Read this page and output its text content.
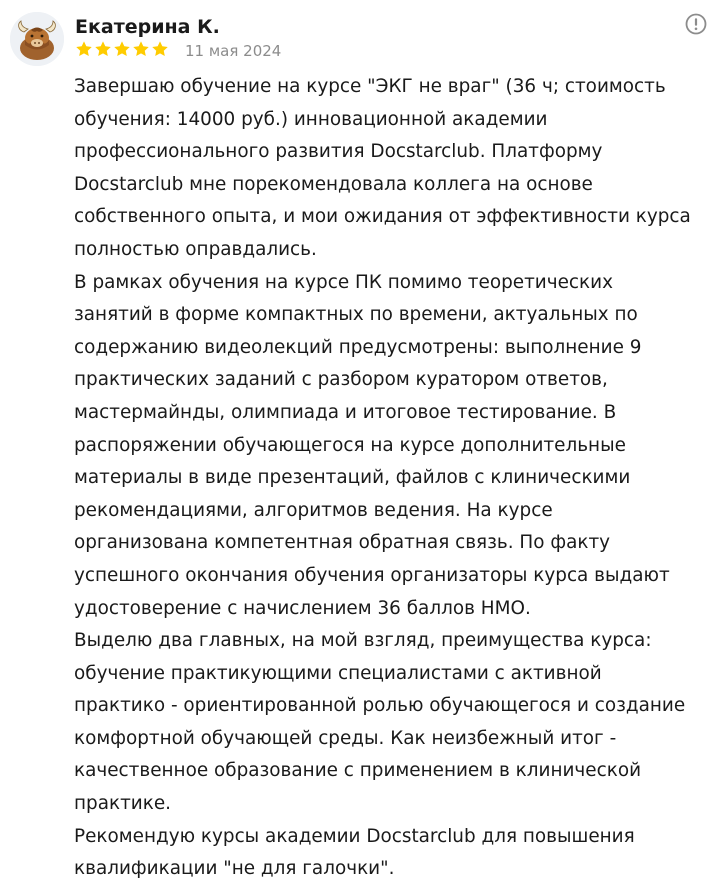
Екатерина К.
11 мая 2024

Завершаю обучение на курсе "ЭКГ не враг" (36 ч; стоимость

обучения: 14000 руб.) инновационной академии

профессионального развития Docstarclub. Платформу

Docstarclub мне порекомендовала коллега на основе

собственного опыта, и мои ожидания от эффективности курса

полностью оправдались.

В рамках обучения на курсе ПК помимо теоретических

занятий в форме компактных по времени, актуальных по

содержанию видеолекций предусмотрены: выполнение 9

практических заданий с разбором куратором ответов,

мастермайнды, олимпиада и итоговое тестирование. В

распоряжении обучающегося на курсе дополнительные

материалы в виде презентаций, файлов с клиническими

рекомендациями, алгоритмов ведения. На курсе

организована компетентная обратная связь. По факту

успешного окончания обучения организаторы курса выдают

удостоверение с начислением 36 баллов НМО.

Выделю два главных, на мой взгляд, преимущества курса:

обучение практикующими специалистами с активной

практико - ориентированной ролью обучающегося и создание

комфортной обучающей среды. Как неизбежный итог -

качественное образование с применением в клинической

практике.

Рекомендую курсы академии Docstarclub для повышения

квалификации "не для галочки".
